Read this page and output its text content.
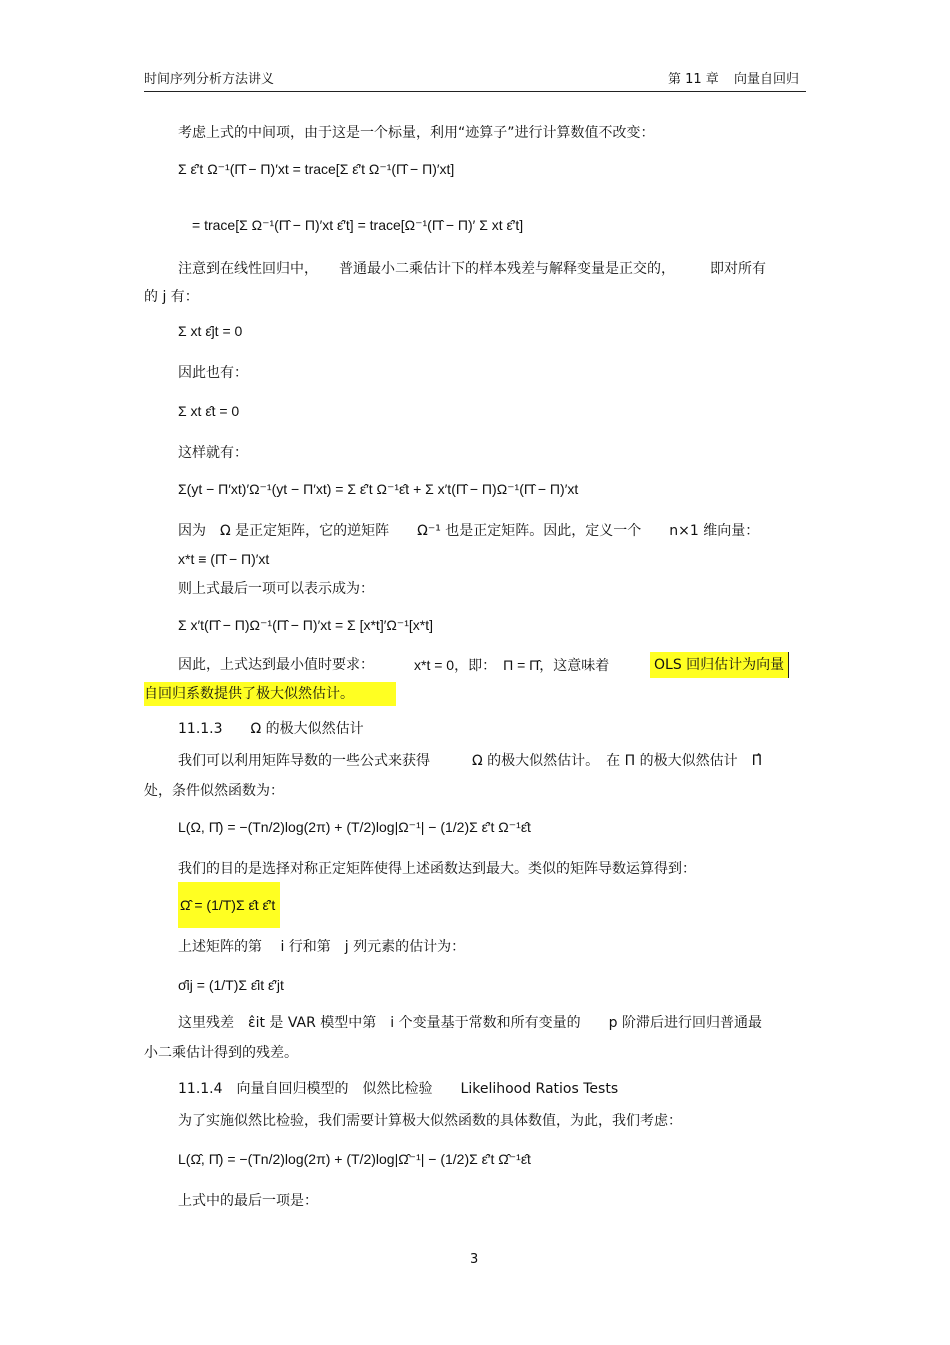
时间序列分析方法讲义	第 11 章 向量自回归
考虑上式的中间项，由于这是一个标量，利用“迹算子”进行计算数值不改变：
Σ ε̂′t Ω⁻¹(Π̂ − Π)′xt = trace[Σ ε̂′t Ω⁻¹(Π̂ − Π)′xt]
= trace[Σ Ω⁻¹(Π̂ − Π)′xt ε̂′t] = trace[Ω⁻¹(Π̂ − Π)′ Σ xt ε̂′t]
注意到在线性回归中，　　普通最小二乘估计下的样本残差与解释变量是正交的，　　　即对所有
的 j 有：
Σ xt ε̂jt = 0
因此也有：
Σ xt ε̂t = 0
这样就有：
Σ(yt − Π′xt)′Ω⁻¹(yt − Π′xt) = Σ ε̂′t Ω⁻¹ε̂t + Σ x′t(Π̂ − Π)Ω⁻¹(Π̂ − Π)′xt
因为　Ω 是正定矩阵，它的逆矩阵　　Ω⁻¹ 也是正定矩阵。因此，定义一个　　n×1 维向量：
x*t ≡ (Π̂ − Π)′xt
则上式最后一项可以表示成为：
Σ x′t(Π̂ − Π)Ω⁻¹(Π̂ − Π)′xt = Σ [x*t]′Ω⁻¹[x*t]
因此，上式达到最小值时要求：	x*t = 0，即：　Π = Π̂，这意味着	OLS 回归估计为向量
自回归系数提供了极大似然估计。
11.1.3　　Ω 的极大似然估计
我们可以利用矩阵导数的一些公式来获得　　　Ω 的极大似然估计。　在 Π 的极大似然估计　Π̂
处，条件似然函数为：
L(Ω, Π̂) = −(Tn/2)log(2π) + (T/2)log|Ω⁻¹| − (1/2)Σ ε̂′t Ω⁻¹ε̂t
我们的目的是选择对称正定矩阵使得上述函数达到最大。类似的矩阵导数运算得到：
Ω̂ = (1/T)Σ ε̂t ε̂′t
上述矩阵的第　 i 行和第　j 列元素的估计为：
σ̂ij = (1/T)Σ ε̂it ε̂′jt
这里残差　ε̂it 是 VAR 模型中第　i 个变量基于常数和所有变量的　　p 阶滞后进行回归普通最
小二乘估计得到的残差。
11.1.4　向量自回归模型的　似然比检验　　Likelihood Ratios Tests
为了实施似然比检验，我们需要计算极大似然函数的具体数值，为此，我们考虑：
L(Ω̂, Π̂) = −(Tn/2)log(2π) + (T/2)log|Ω̂⁻¹| − (1/2)Σ ε̂′t Ω̂⁻¹ε̂t
上式中的最后一项是：
3
